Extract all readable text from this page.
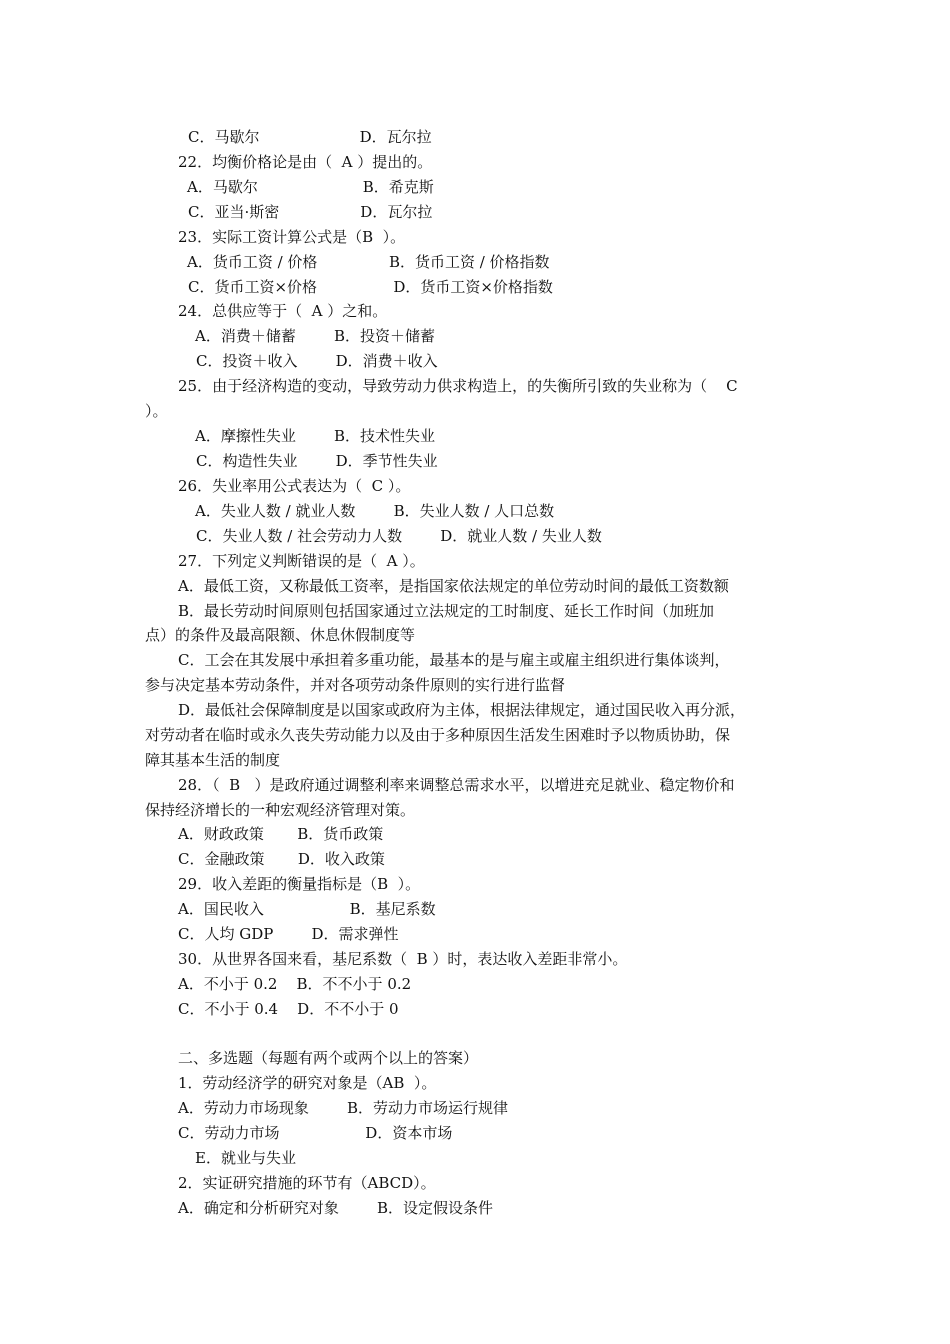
C．马歇尔                     D．瓦尔拉
22．均衡价格论是由（  A ）提出的。
A．马歇尔                      B．希克斯
C．亚当·斯密                 D．瓦尔拉
23．实际工资计算公式是（B  ）。
A．货币工资 / 价格               B．货币工资 / 价格指数
C．货币工资×价格                D．货币工资×价格指数
24．总供应等于（  A ）之和。
A．消费＋储蓄        B．投资＋储蓄
C．投资＋收入        D．消费＋收入
25．由于经济构造的变动，导致劳动力供求构造上，的失衡所引致的失业称为（    C
）。
A．摩擦性失业        B．技术性失业
C．构造性失业        D．季节性失业
26．失业率用公式表达为（  C ）。
A．失业人数 / 就业人数        B．失业人数 / 人口总数
C．失业人数 / 社会劳动力人数        D．就业人数 / 失业人数
27．下列定义判断错误的是（  A ）。
A．最低工资，又称最低工资率，是指国家依法规定的单位劳动时间的最低工资数额
B．最长劳动时间原则包括国家通过立法规定的工时制度、延长工作时间（加班加
点）的条件及最高限额、休息休假制度等
C．工会在其发展中承担着多重功能，最基本的是与雇主或雇主组织进行集体谈判，
参与决定基本劳动条件，并对各项劳动条件原则的实行进行监督
D．最低社会保障制度是以国家或政府为主体，根据法律规定，通过国民收入再分派，
对劳动者在临时或永久丧失劳动能力以及由于多种原因生活发生困难时予以物质协助，保
障其基本生活的制度
28．（  B   ）是政府通过调整利率来调整总需求水平，以增进充足就业、稳定物价和
保持经济增长的一种宏观经济管理对策。
A．财政政策       B．货币政策
C．金融政策       D．收入政策
29．收入差距的衡量指标是（B  ）。
A．国民收入                  B．基尼系数
C．人均 GDP        D．需求弹性
30．从世界各国来看，基尼系数（  B ）时，表达收入差距非常小。
A．不小于 0.2    B．不不小于 0.2
C．不小于 0.4    D．不不小于 0
二、多选题（每题有两个或两个以上的答案）
1．劳动经济学的研究对象是（AB  ）。
A．劳动力市场现象        B．劳动力市场运行规律
C．劳动力市场                  D．资本市场
E．就业与失业
2．实证研究措施的环节有（ABCD）。
A．确定和分析研究对象        B．设定假设条件
